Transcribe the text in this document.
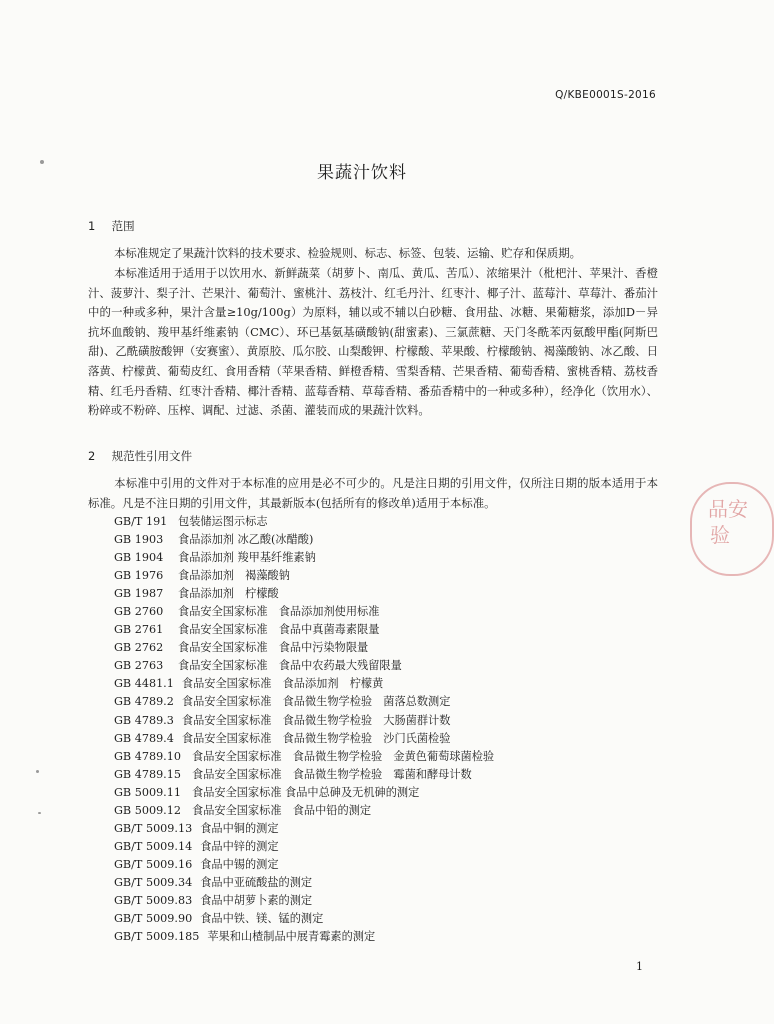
Q/KBE0001S-2016
果蔬汁饮料
1 范围
本标准规定了果蔬汁饮料的技术要求、检验规则、标志、标签、包装、运输、贮存和保质期。
本标准适用于适用于以饮用水、新鲜蔬菜（胡萝卜、南瓜、黄瓜、苦瓜）、浓缩果汁（枇杷汁、苹果汁、香橙汁、菠萝汁、梨子汁、芒果汁、葡萄汁、蜜桃汁、荔枝汁、红毛丹汁、红枣汁、椰子汁、蓝莓汁、草莓汁、番茄汁中的一种或多种，果汁含量≥10g/100g）为原料，辅以或不辅以白砂糖、食用盐、冰糖、果葡糖浆，添加D－异抗坏血酸钠、羧甲基纤维素钠（CMC）、环已基氨基磺酸钠(甜蜜素)、三氯蔗糖、天门冬酰苯丙氨酸甲酯(阿斯巴甜)、乙酰磺胺酸钾（安赛蜜）、黄原胶、瓜尔胶、山梨酸钾、柠檬酸、苹果酸、柠檬酸钠、褐藻酸钠、冰乙酸、日落黄、柠檬黄、葡萄皮红、食用香精（苹果香精、鲜橙香精、雪梨香精、芒果香精、葡萄香精、蜜桃香精、荔枝香精、红毛丹香精、红枣汁香精、椰汁香精、蓝莓香精、草莓香精、番茄香精中的一种或多种），经净化（饮用水）、粉碎或不粉碎、压榨、调配、过滤、杀菌、灌装而成的果蔬汁饮料。
2 规范性引用文件
本标准中引用的文件对于本标准的应用是必不可少的。凡是注日期的引用文件，仅所注日期的版本适用于本标准。凡是不注日期的引用文件，其最新版本(包括所有的修改单)适用于本标准。
GB/T 191 包装储运图示标志
GB 1903 食品添加剂 冰乙酸(冰醋酸)
GB 1904 食品添加剂 羧甲基纤维素钠
GB 1976 食品添加剂　褐藻酸钠
GB 1987 食品添加剂　柠檬酸
GB 2760 食品安全国家标准　食品添加剂使用标准
GB 2761 食品安全国家标准　食品中真菌毒素限量
GB 2762 食品安全国家标准　食品中污染物限量
GB 2763 食品安全国家标准　食品中农药最大残留限量
GB 4481.1 食品安全国家标准　食品添加剂　柠檬黄
GB 4789.2 食品安全国家标准　食品微生物学检验　菌落总数测定
GB 4789.3 食品安全国家标准　食品微生物学检验　大肠菌群计数
GB 4789.4 食品安全国家标准　食品微生物学检验　沙门氏菌检验
GB 4789.10 食品安全国家标准　食品微生物学检验　金黄色葡萄球菌检验
GB 4789.15 食品安全国家标准　食品微生物学检验　霉菌和酵母计数
GB 5009.11 食品安全国家标准 食品中总砷及无机砷的测定
GB 5009.12 食品安全国家标准　食品中铅的测定
GB/T 5009.13 食品中铜的测定
GB/T 5009.14 食品中锌的测定
GB/T 5009.16 食品中锡的测定
GB/T 5009.34 食品中亚硫酸盐的测定
GB/T 5009.83 食品中胡萝卜素的测定
GB/T 5009.90 食品中铁、镁、锰的测定
GB/T 5009.185 苹果和山楂制品中展青霉素的测定
品安
验
1
